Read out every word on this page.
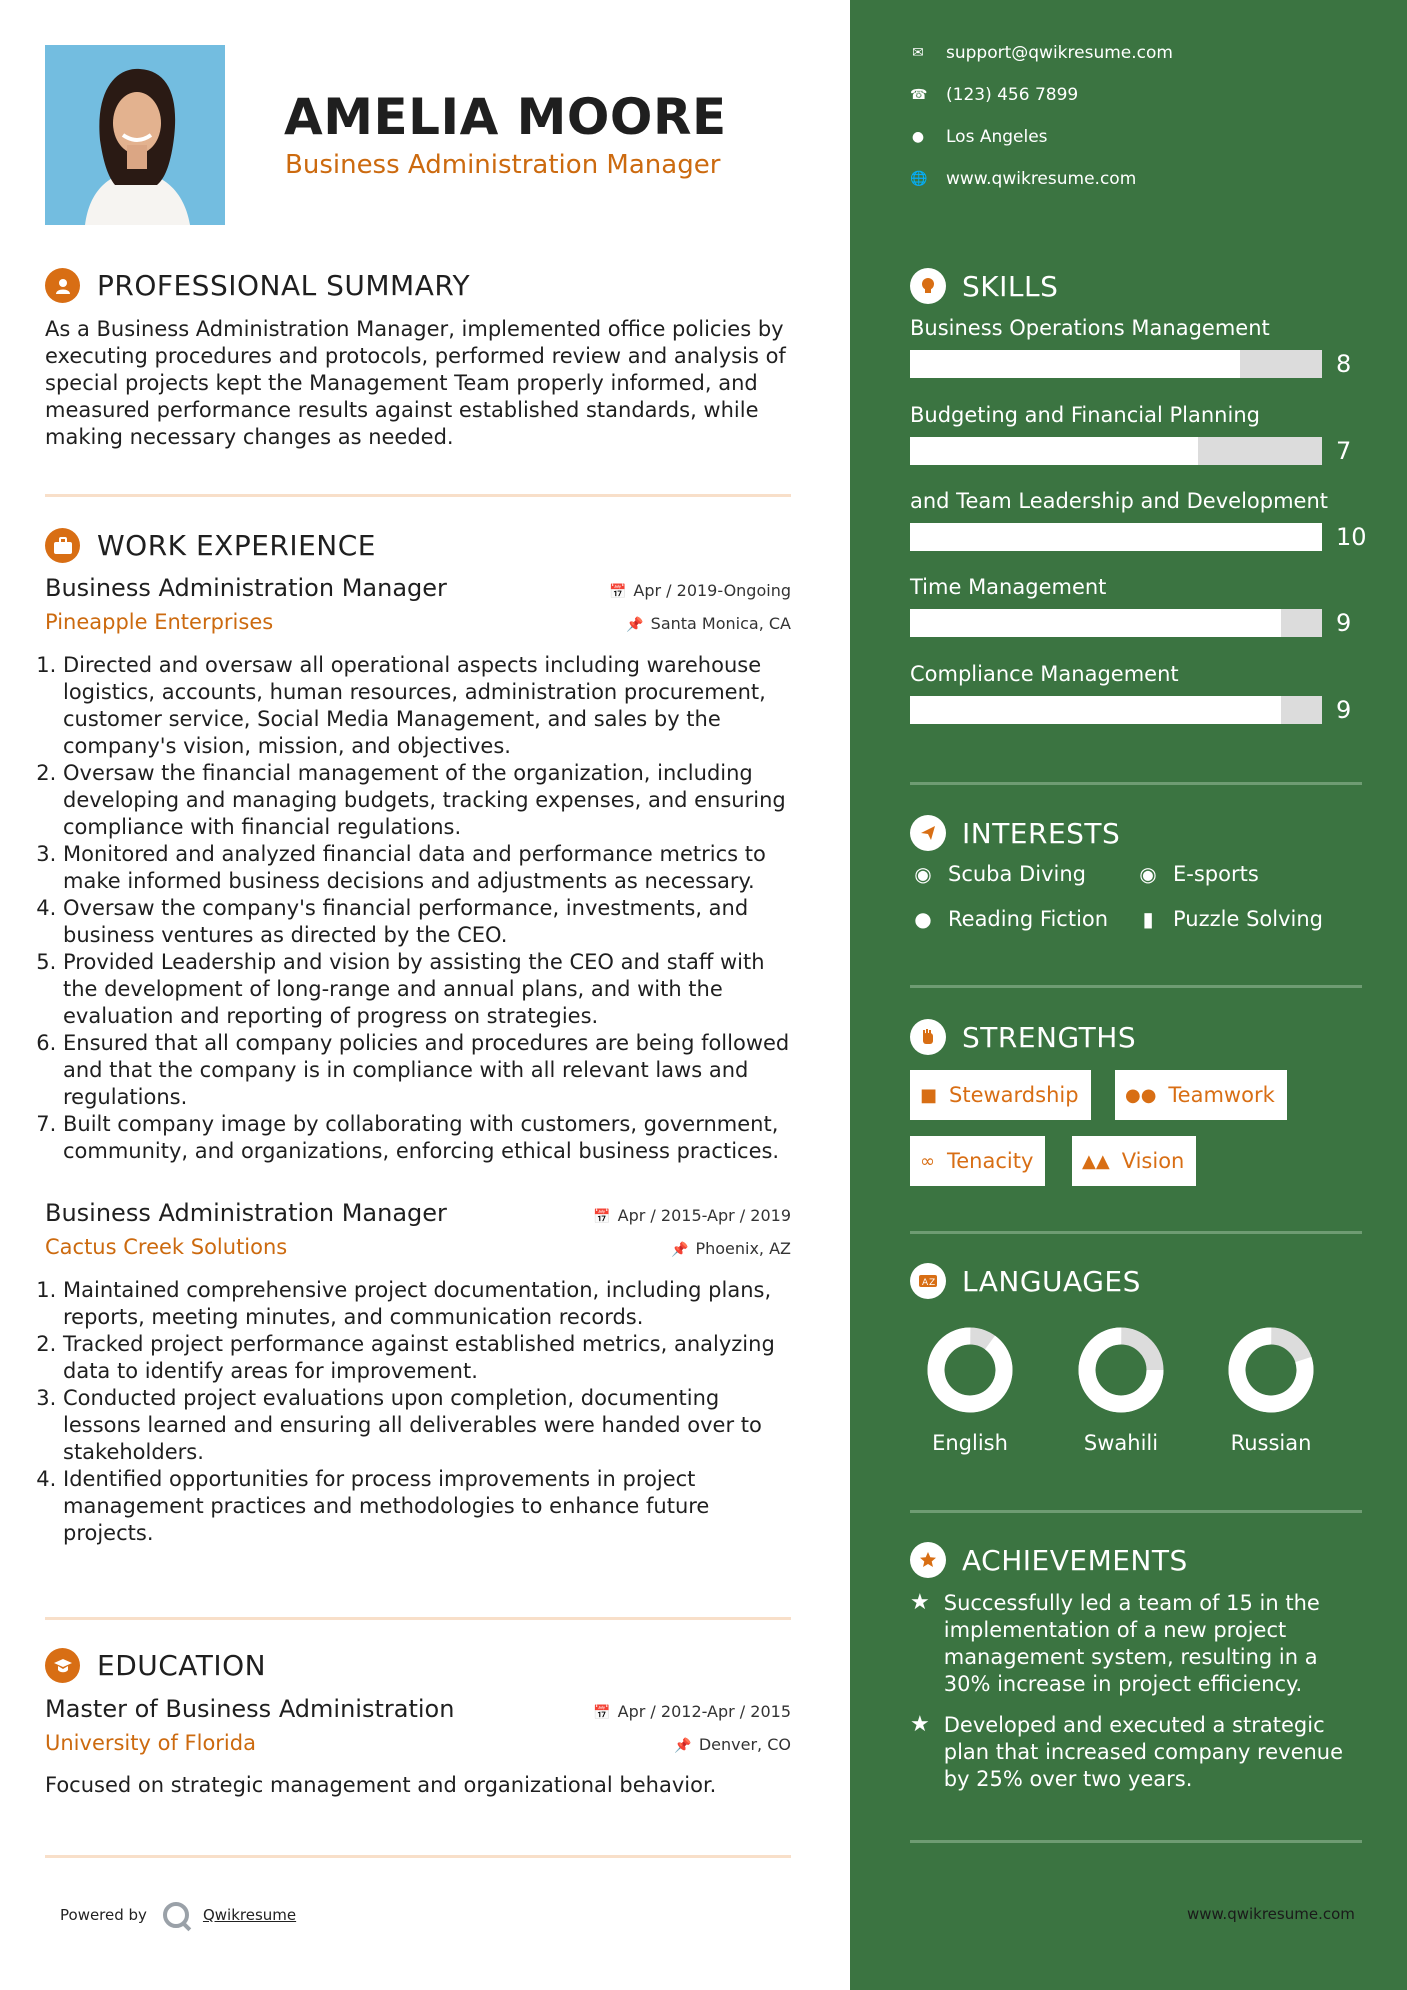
AMELIA MOORE
Business Administration Manager
PROFESSIONAL SUMMARY
As a Business Administration Manager, implemented office policies by executing procedures and protocols, performed review and analysis of special projects kept the Management Team properly informed, and measured performance results against established standards, while making necessary changes as needed.
WORK EXPERIENCE
Business Administration Manager	📅 Apr / 2019-Ongoing
Pineapple Enterprises	📌 Santa Monica, CA
1. Directed and oversaw all operational aspects including warehouse logistics, accounts, human resources, administration procurement, customer service, Social Media Management, and sales by the company's vision, mission, and objectives.
2. Oversaw the financial management of the organization, including developing and managing budgets, tracking expenses, and ensuring compliance with financial regulations.
3. Monitored and analyzed financial data and performance metrics to make informed business decisions and adjustments as necessary.
4. Oversaw the company's financial performance, investments, and business ventures as directed by the CEO.
5. Provided Leadership and vision by assisting the CEO and staff with the development of long-range and annual plans, and with the evaluation and reporting of progress on strategies.
6. Ensured that all company policies and procedures are being followed and that the company is in compliance with all relevant laws and regulations.
7. Built company image by collaborating with customers, government, community, and organizations, enforcing ethical business practices.
Business Administration Manager	📅 Apr / 2015-Apr / 2019
Cactus Creek Solutions	📌 Phoenix, AZ
1. Maintained comprehensive project documentation, including plans, reports, meeting minutes, and communication records.
2. Tracked project performance against established metrics, analyzing data to identify areas for improvement.
3. Conducted project evaluations upon completion, documenting lessons learned and ensuring all deliverables were handed over to stakeholders.
4. Identified opportunities for process improvements in project management practices and methodologies to enhance future projects.
EDUCATION
Master of Business Administration	📅 Apr / 2012-Apr / 2015
University of Florida	📌 Denver, CO
Focused on strategic management and organizational behavior.
Powered by	Qwikresume
✉ support@qwikresume.com
☎ (123) 456 7899
● Los Angeles
🌐 www.qwikresume.com
SKILLS
Business Operations Management
8
Budgeting and Financial Planning
7
and Team Leadership and Development
10
Time Management
9
Compliance Management
9
INTERESTS
◉ Scuba Diving	◉ E-sports
● Reading Fiction	▮ Puzzle Solving
STRENGTHS
■ Stewardship	●● Teamwork
∞ Tenacity	▲▲ Vision
A Z LANGUAGES
English	Swahili	Russian
ACHIEVEMENTS
★ Successfully led a team of 15 in the implementation of a new project management system, resulting in a 30% increase in project efficiency.
★ Developed and executed a strategic plan that increased company revenue by 25% over two years.
www.qwikresume.com
